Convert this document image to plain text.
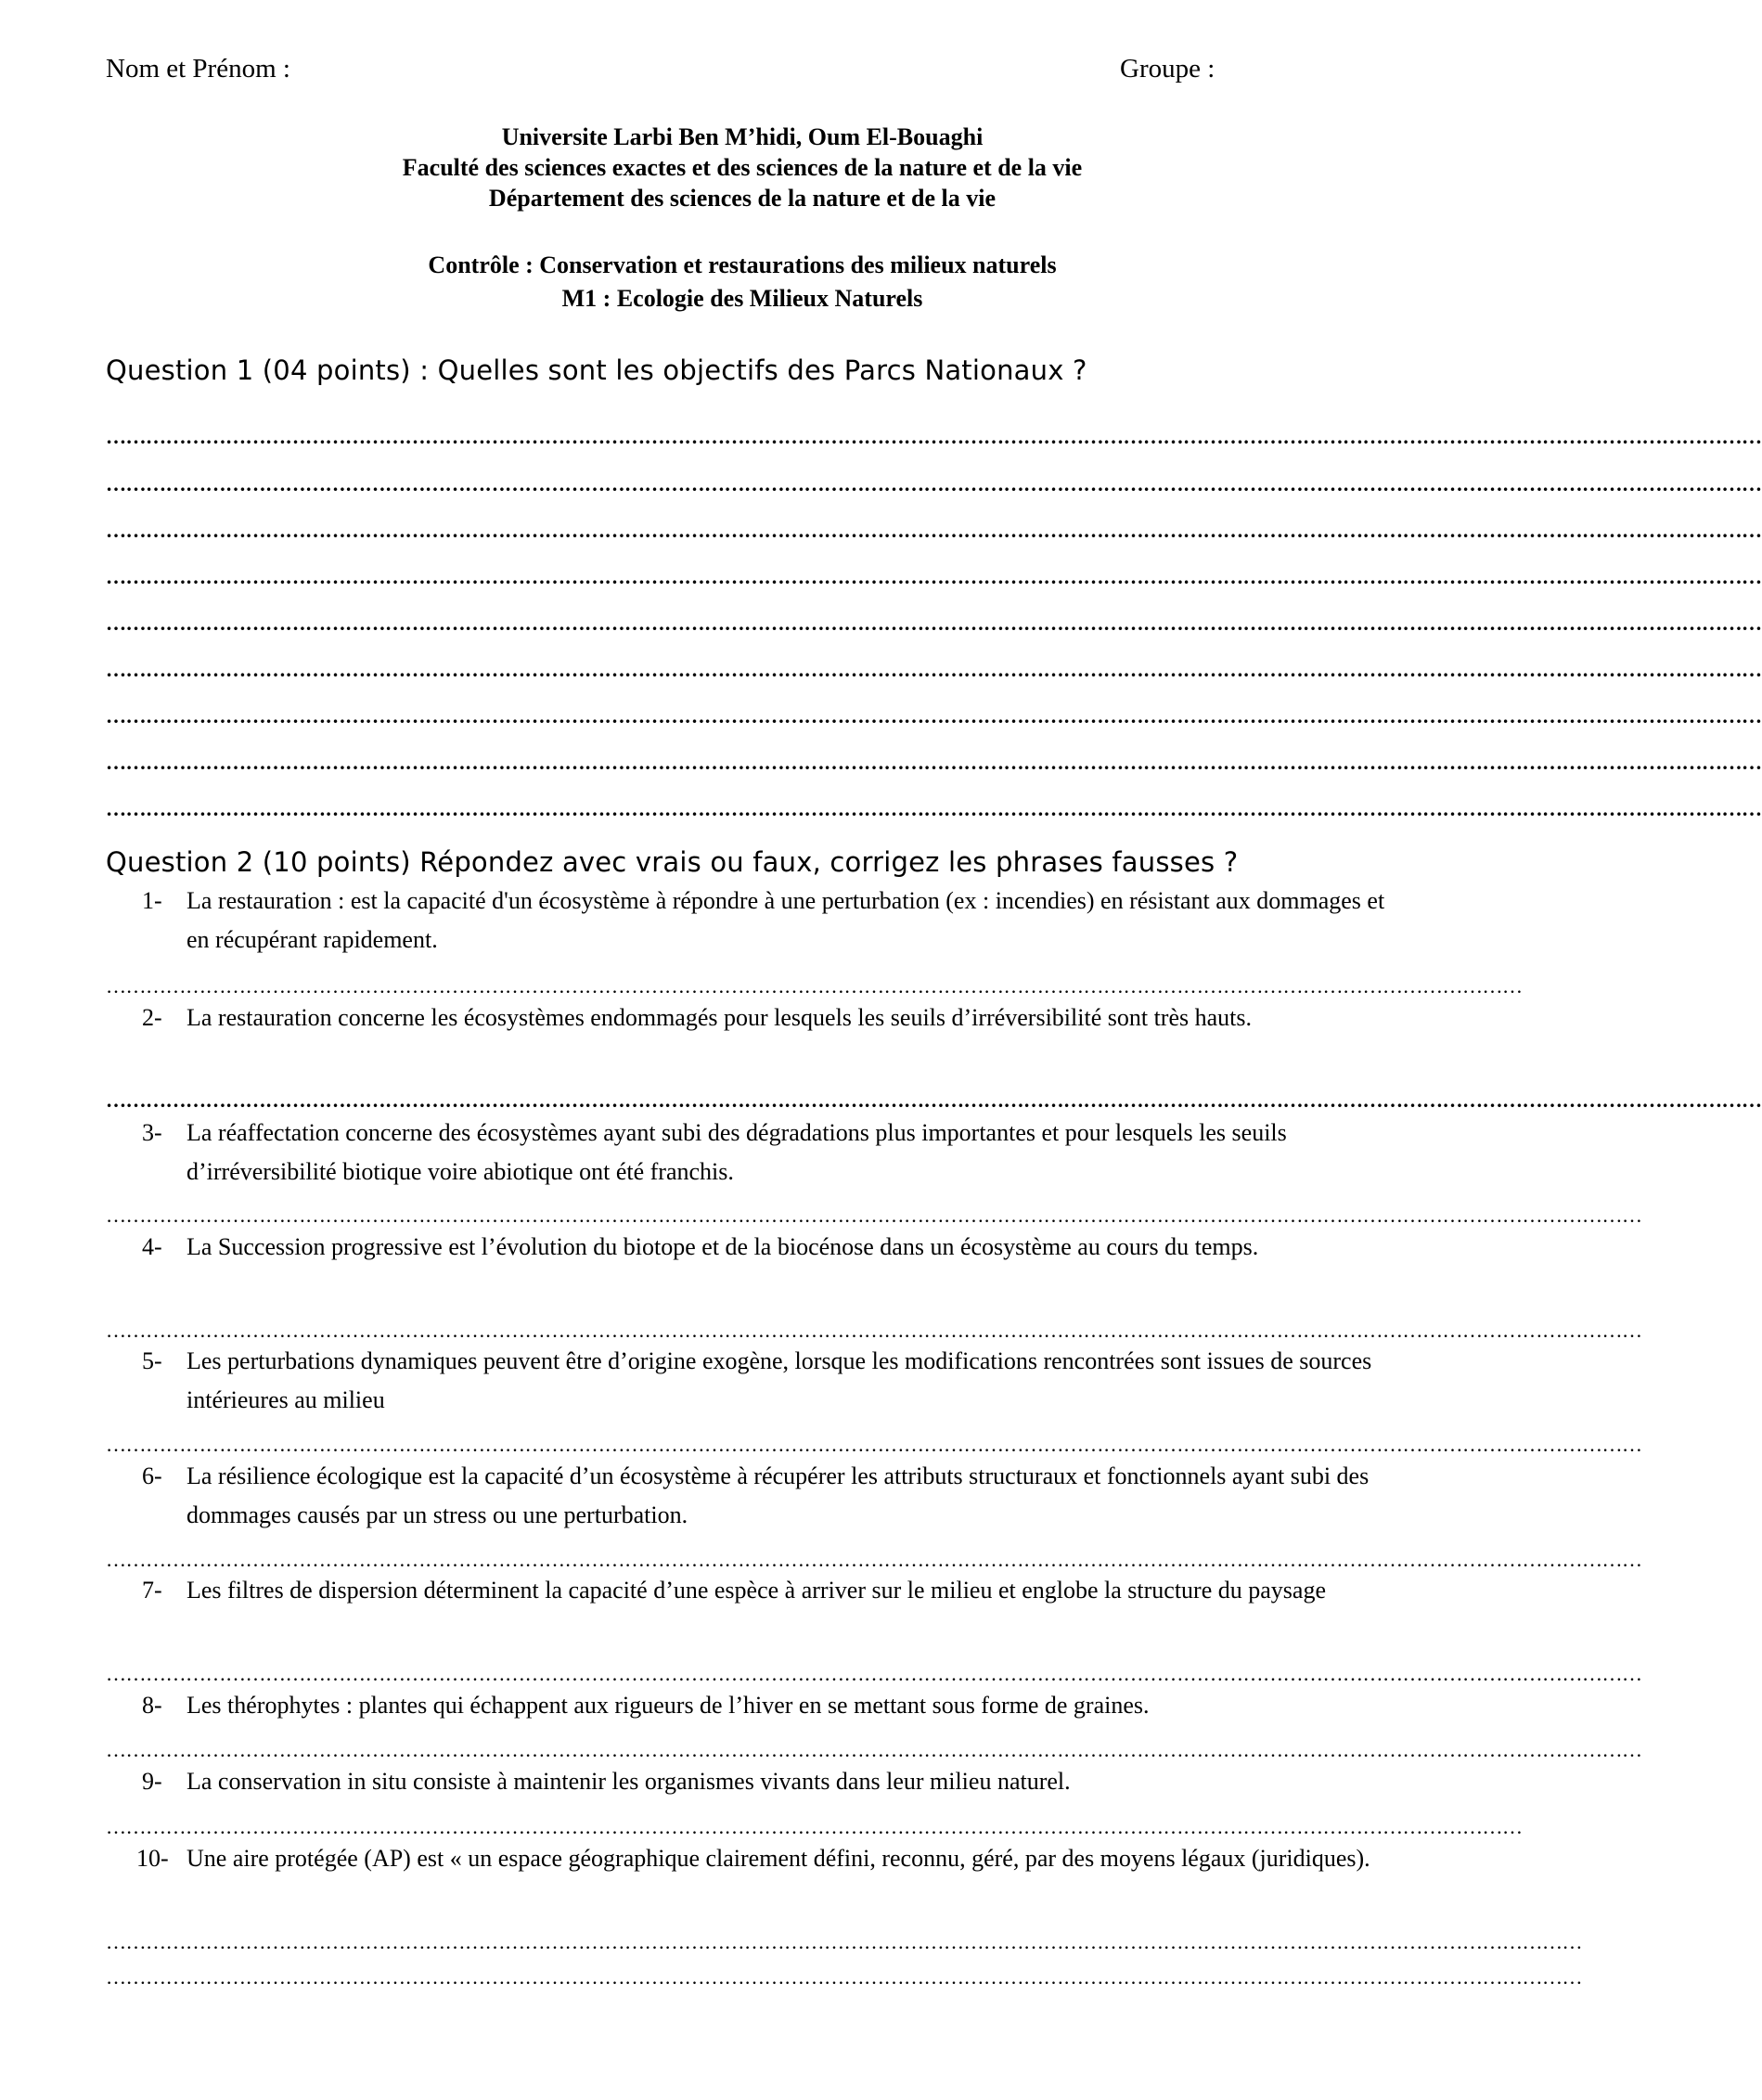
Nom et Prénom :	Groupe :
Universite Larbi Ben M’hidi, Oum El-Bouaghi
Faculté des sciences exactes et des sciences de la nature et de la vie
Département des sciences de la nature et de la vie
Contrôle : Conservation et restaurations des milieux naturels
M1 : Ecologie des Milieux Naturels
Question 1 (04 points) : Quelles sont les objectifs des Parcs Nationaux ?
……………………………………………………………………………………………………………………………………………………………………………………………………………………………
……………………………………………………………………………………………………………………………………………………………………………………………………………………………
……………………………………………………………………………………………………………………………………………………………………………………………………………………………
……………………………………………………………………………………………………………………………………………………………………………………………………………………………
……………………………………………………………………………………………………………………………………………………………………………………………………………………………
……………………………………………………………………………………………………………………………………………………………………………………………………………………………
……………………………………………………………………………………………………………………………………………………………………………………………………………………………
……………………………………………………………………………………………………………………………………………………………………………………………………………………………
……………………………………………………………………………………………………………………………………………………………………………………………………………………………
Question 2 (10 points) Répondez avec vrais ou faux, corrigez les phrases fausses ?
1- La restauration : est la capacité d'un écosystème à répondre à une perturbation (ex : incendies) en résistant aux dommages et en récupérant rapidement.
……………………………………………………………………………………………………………………………………………………………………………………………
2- La restauration concerne les écosystèmes endommagés pour lesquels les seuils d’irréversibilité sont très hauts.
……………………………………………………………………………………………………………………………………………………………………………………………………………………………
3- La réaffectation concerne des écosystèmes ayant subi des dégradations plus importantes et pour lesquels les seuils d’irréversibilité biotique voire abiotique ont été franchis.
……………………………………………………………………………………………………………………………………………………………………………………………………………
4- La Succession progressive est l’évolution du biotope et de la biocénose dans un écosystème au cours du temps.
……………………………………………………………………………………………………………………………………………………………………………………………………………
5- Les perturbations dynamiques peuvent être d’origine exogène, lorsque les modifications rencontrées sont issues de sources intérieures au milieu
……………………………………………………………………………………………………………………………………………………………………………………………………………
6- La résilience écologique est la capacité d’un écosystème à récupérer les attributs structuraux et fonctionnels ayant subi des dommages causés par un stress ou une perturbation.
……………………………………………………………………………………………………………………………………………………………………………………………………………
7- Les filtres de dispersion déterminent la capacité d’une espèce à arriver sur le milieu et englobe la structure du paysage
……………………………………………………………………………………………………………………………………………………………………………………………………………
8- Les thérophytes : plantes qui échappent aux rigueurs de l’hiver en se mettant sous forme de graines.
……………………………………………………………………………………………………………………………………………………………………………………………………………
9- La conservation in situ consiste à maintenir les organismes vivants dans leur milieu naturel.
……………………………………………………………………………………………………………………………………………………………………………………………
10- Une aire protégée (AP) est « un espace géographique clairement défini, reconnu, géré, par des moyens légaux (juridiques).
……………………………………………………………………………………………………………………………………………………………………………………………………
……………………………………………………………………………………………………………………………………………………………………………………………………
